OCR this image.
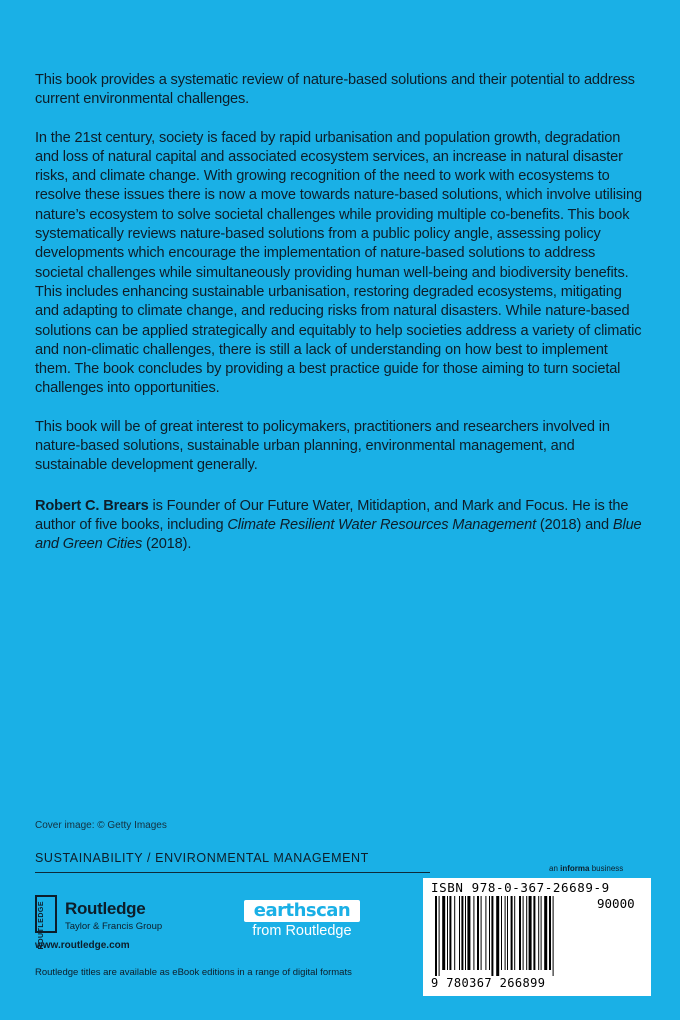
This book provides a systematic review of nature-based solutions and their potential to address current environmental challenges.

In the 21st century, society is faced by rapid urbanisation and population growth, degradation and loss of natural capital and associated ecosystem services, an increase in natural disaster risks, and climate change. With growing recognition of the need to work with ecosystems to resolve these issues there is now a move towards nature-based solutions, which involve utilising nature’s ecosystem to solve societal challenges while providing multiple co-benefits. This book systematically reviews nature-based solutions from a public policy angle, assessing policy developments which encourage the implementation of nature-based solutions to address societal challenges while simultaneously providing human well-being and biodiversity benefits. This includes enhancing sustainable urbanisation, restoring degraded ecosystems, mitigating and adapting to climate change, and reducing risks from natural disasters. While nature-based solutions can be applied strategically and equitably to help societies address a variety of climatic and non-climatic challenges, there is still a lack of understanding on how best to implement them. The book concludes by providing a best practice guide for those aiming to turn societal challenges into opportunities.

This book will be of great interest to policymakers, practitioners and researchers involved in nature-based solutions, sustainable urban planning, environmental management, and sustainable development generally.

Robert C. Brears is Founder of Our Future Water, Mitidaption, and Mark and Focus. He is the author of five books, including Climate Resilient Water Resources Management (2018) and Blue and Green Cities (2018).

Cover image: © Getty Images
SUSTAINABILITY / ENVIRONMENTAL MANAGEMENT
an informa business
ROUTLEDGE Routledge
Taylor & Francis Group
www.routledge.com
earthscan
from Routledge
ISBN 978-0-367-26689-9
90000
9 780367 266899
Routledge titles are available as eBook editions in a range of digital formats
